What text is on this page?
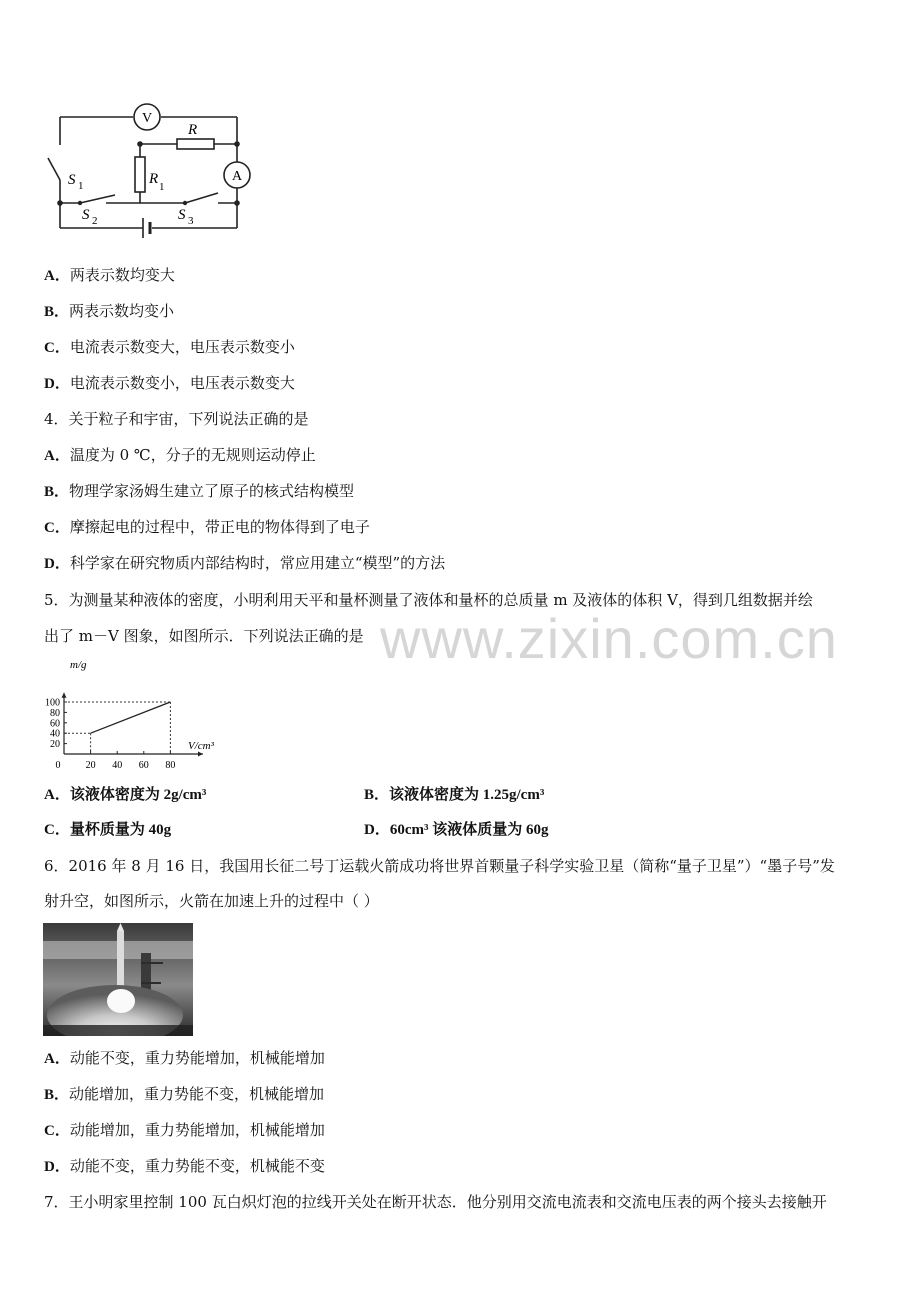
V
A
R
R 1
S 1
S 2	S 3
A．两表示数均变大
B．两表示数均变小
C．电流表示数变大，电压表示数变小
D．电流表示数变小，电压表示数变大
4．关于粒子和宇宙，下列说法正确的是
A．温度为 0 ℃，分子的无规则运动停止
B．物理学家汤姆生建立了原子的核式结构模型
C．摩擦起电的过程中，带正电的物体得到了电子
D．科学家在研究物质内部结构时，常应用建立“模型”的方法
5．为测量某种液体的密度，小明利用天平和量杯测量了液体和量杯的总质量 m 及液体的体积 V，得到几组数据并绘
出了 m－V 图象，如图所示．下列说法正确的是 www.zixin.com.cn
0	20 40 60 80
20
40
60
80
100
m/g
V/cm³
A．该液体密度为 2g/cm³	B．该液体密度为 1.25g/cm³
C．量杯质量为 40g	D．60cm³ 该液体质量为 60g
6．2016 年 8 月 16 日，我国用长征二号丁运载火箭成功将世界首颗量子科学实验卫星（简称“量子卫星”）“墨子号”发
射升空，如图所示，火箭在加速上升的过程中（ ）
A．动能不变，重力势能增加，机械能增加
B．动能增加，重力势能不变，机械能增加
C．动能增加，重力势能增加，机械能增加
D．动能不变，重力势能不变，机械能不变
7．王小明家里控制 100 瓦白炽灯泡的拉线开关处在断开状态．他分别用交流电流表和交流电压表的两个接头去接触开
